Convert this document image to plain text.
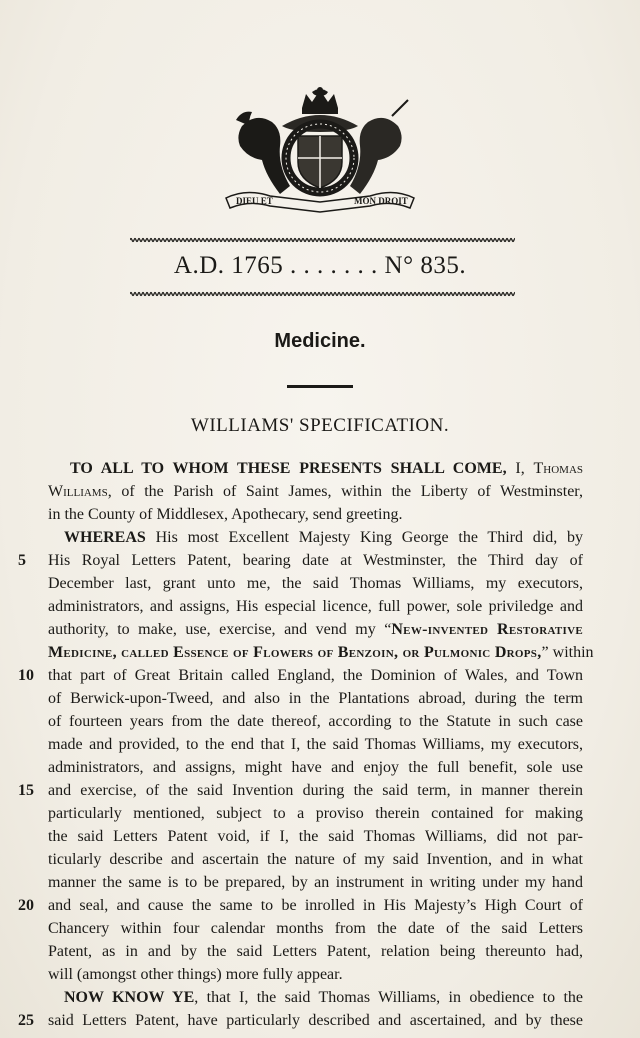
DIEU ET	MON DROIT
A.D. 1765 . . . . . . . N° 835.
Medicine.
WILLIAMS' SPECIFICATION.
TO ALL TO WHOM THESE PRESENTS SHALL COME, I, Thomas
Williams, of the Parish of Saint James, within the Liberty of Westminster,
in the County of Middlesex, Apothecary, send greeting.
WHEREAS His most Excellent Majesty King George the Third did, by
5	His Royal Letters Patent, bearing date at Westminster, the Third day of
December last, grant unto me, the said Thomas Williams, my executors,
administrators, and assigns, His especial licence, full power, sole priviledge and
authority, to make, use, exercise, and vend my “New-invented Restorative
Medicine, called Essence of Flowers of Benzoin, or Pulmonic Drops,” within
10 that part of Great Britain called England, the Dominion of Wales, and Town
of Berwick-upon-Tweed, and also in the Plantations abroad, during the term
of fourteen years from the date thereof, according to the Statute in such case
made and provided, to the end that I, the said Thomas Williams, my executors,
administrators, and assigns, might have and enjoy the full benefit, sole use
15 and exercise, of the said Invention during the said term, in manner therein
particularly mentioned, subject to a proviso therein contained for making
the said Letters Patent void, if I, the said Thomas Williams, did not par-
ticularly describe and ascertain the nature of my said Invention, and in what
manner the same is to be prepared, by an instrument in writing under my hand
20 and seal, and cause the same to be inrolled in His Majesty’s High Court of
Chancery within four calendar months from the date of the said Letters
Patent, as in and by the said Letters Patent, relation being thereunto had,
will (amongst other things) more fully appear.
NOW KNOW YE, that I, the said Thomas Williams, in obedience to the
25 said Letters Patent, have particularly described and ascertained, and by these
